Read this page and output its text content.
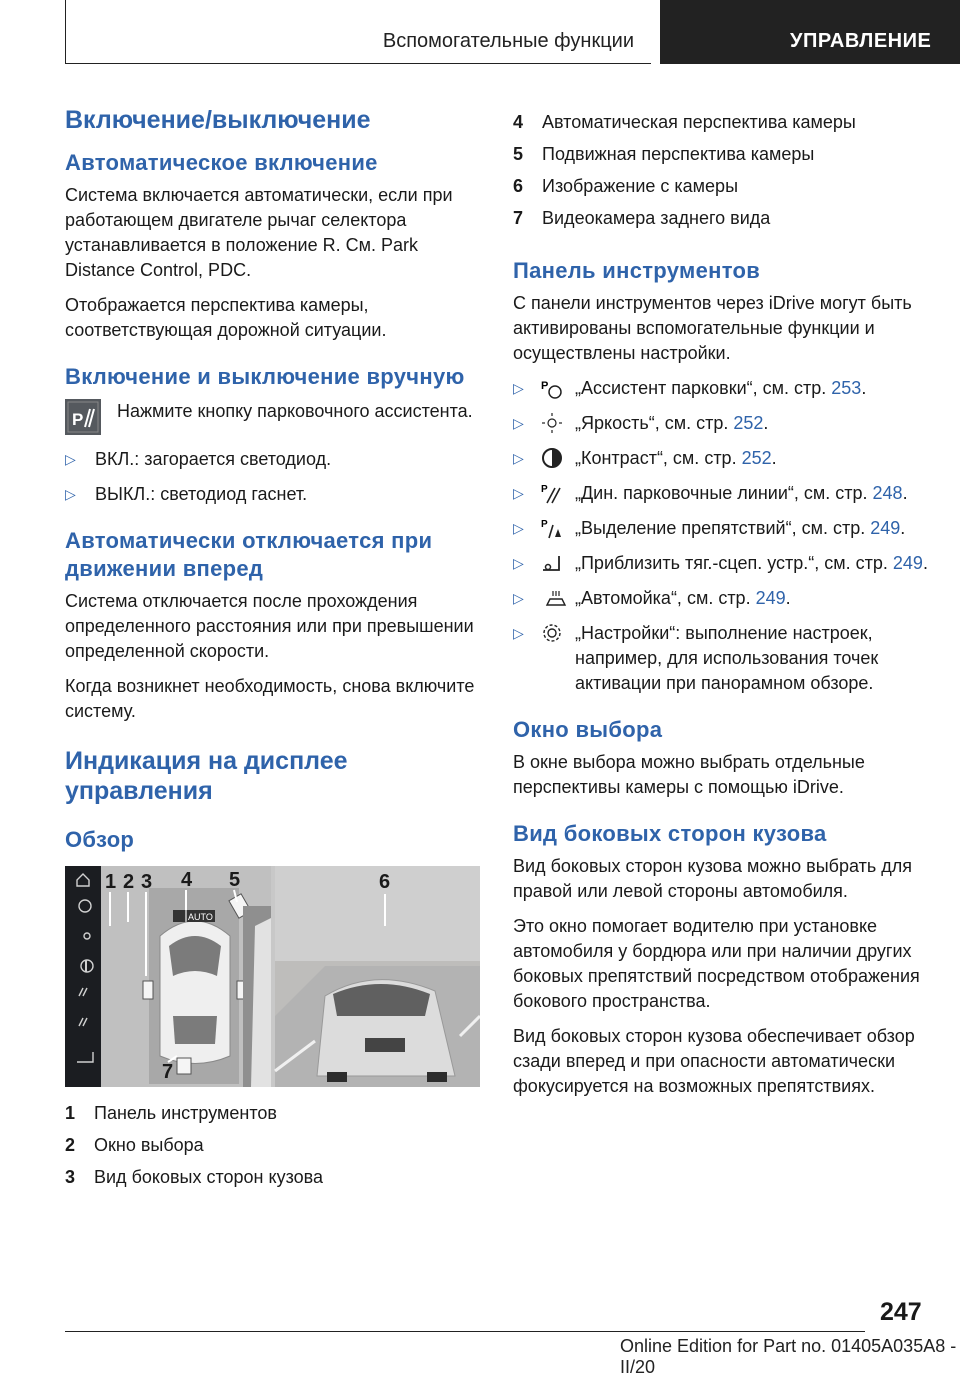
Вспомогательные функции	УПРАВЛЕНИЕ
Включение/выключение
Автоматическое включение

Система включается автоматически, если при работающем двигателе рычаг селектора устанавливается в положение R. См. Park Distance Control, PDC.

Отображается перспектива камеры, соответствующая дорожной ситуации.

Включение и выключение вручную
P Нажмите кнопку парковочного ассистента.

▷ ВКЛ.: загорается светодиод.
▷ ВЫКЛ.: светодиод гаснет.
Автоматически отключается при движении вперед

Система отключается после прохождения определенного расстояния или при превышении определенной скорости.

Когда возникнет необходимость, снова включите систему.

Индикация на дисплее управления
Обзор
AUTO
1 2 3 4 5	6
7
1	Панель инструментов
2	Окно выбора
3	Вид боковых сторон кузова
4	Автоматическая перспектива камеры
5	Подвижная перспектива камеры
6	Изображение с камеры
7	Видеокамера заднего вида
Панель инструментов

С панели инструментов через iDrive могут быть активированы вспомогательные функции и осуществлены настройки.

▷ P „Ассистент парковки“, см. стр. 253.
▷	„Яркость“, см. стр. 252.
▷	„Контраст“, см. стр. 252.
▷ P „Дин. парковочные линии“, см. стр. 248.
▷ P „Выделение препятствий“, см. стр. 249.
▷	„Приблизить тяг.-сцеп. устр.“, см. стр. 249.
▷	„Автомойка“, см. стр. 249.
▷	„Настройки“: выполнение настроек, например, для использования точек активации при панорамном обзоре.
Окно выбора

В окне выбора можно выбрать отдельные перспективы камеры с помощью iDrive.

Вид боковых сторон кузова

Вид боковых сторон кузова можно выбрать для правой или левой стороны автомобиля.

Это окно помогает водителю при установке автомобиля у бордюра или при наличии других боковых препятствий посредством отображения бокового пространства.

Вид боковых сторон кузова обеспечивает обзор сзади вперед и при опасности автоматически фокусируется на возможных препятствиях.

247
Online Edition for Part no. 01405A035A8 - II/20
